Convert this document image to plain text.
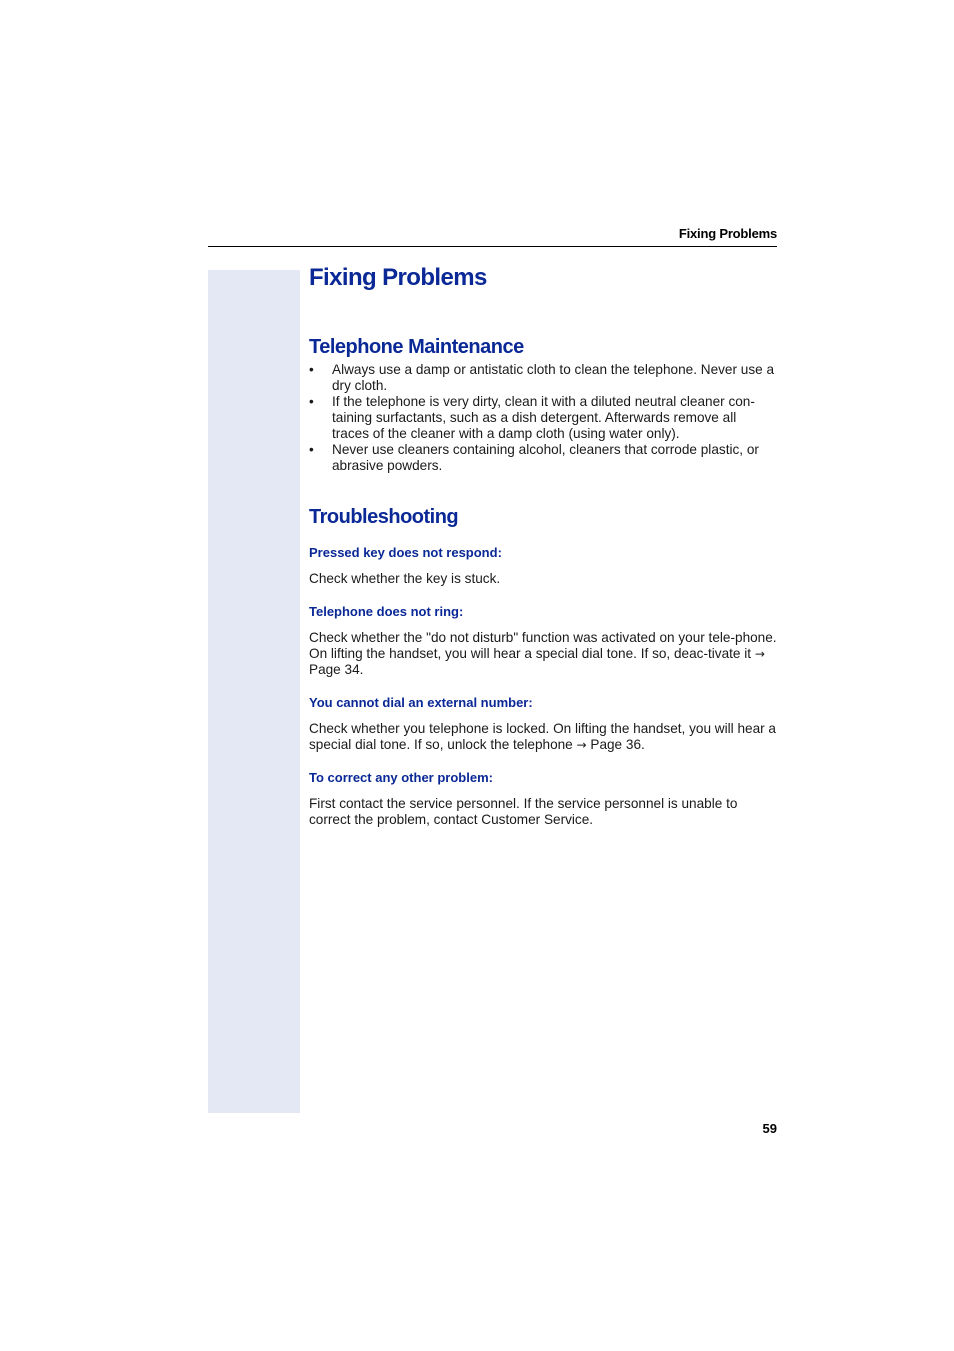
Fixing Problems
Fixing Problems
Telephone Maintenance
• Always use a damp or antistatic cloth to clean the telephone. Never use a dry cloth.
• If the telephone is very dirty, clean it with a diluted neutral cleaner con-taining surfactants, such as a dish detergent. Afterwards remove all traces of the cleaner with a damp cloth (using water only).
• Never use cleaners containing alcohol, cleaners that corrode plastic, or abrasive powders.
Troubleshooting
Pressed key does not respond:

Check whether the key is stuck.

Telephone does not ring:

Check whether the "do not disturb" function was activated on your tele-phone. On lifting the handset, you will hear a special dial tone. If so, deac-tivate it → Page 34.

You cannot dial an external number:

Check whether you telephone is locked. On lifting the handset, you will hear a special dial tone. If so, unlock the telephone → Page 36.

To correct any other problem:

First contact the service personnel. If the service personnel is unable to correct the problem, contact Customer Service.

59
